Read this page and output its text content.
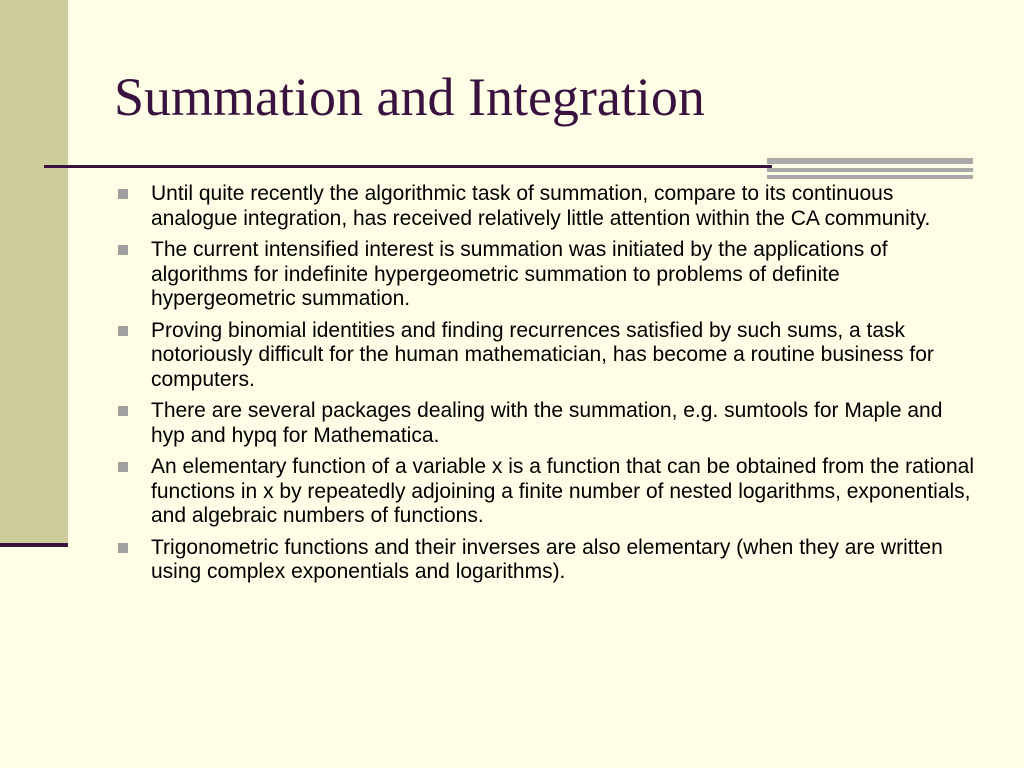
Summation and Integration
Until quite recently the algorithmic task of summation, compare to its continuous analogue integration, has received relatively little attention within the CA community.
The current intensified interest is summation was initiated by the applications of algorithms for indefinite hypergeometric summation to problems of definite hypergeometric summation.
Proving binomial identities and finding recurrences satisfied by such sums, a task notoriously difficult for the human mathematician, has become a routine business for computers.
There are several packages dealing with the summation, e.g. sumtools for Maple and hyp and hypq for Mathematica.
An elementary function of a variable x is a function that can be obtained from the rational functions in x by repeatedly adjoining a finite number of nested logarithms, exponentials, and algebraic numbers of functions.
Trigonometric functions and their inverses are also elementary (when they are written using complex exponentials and logarithms).
